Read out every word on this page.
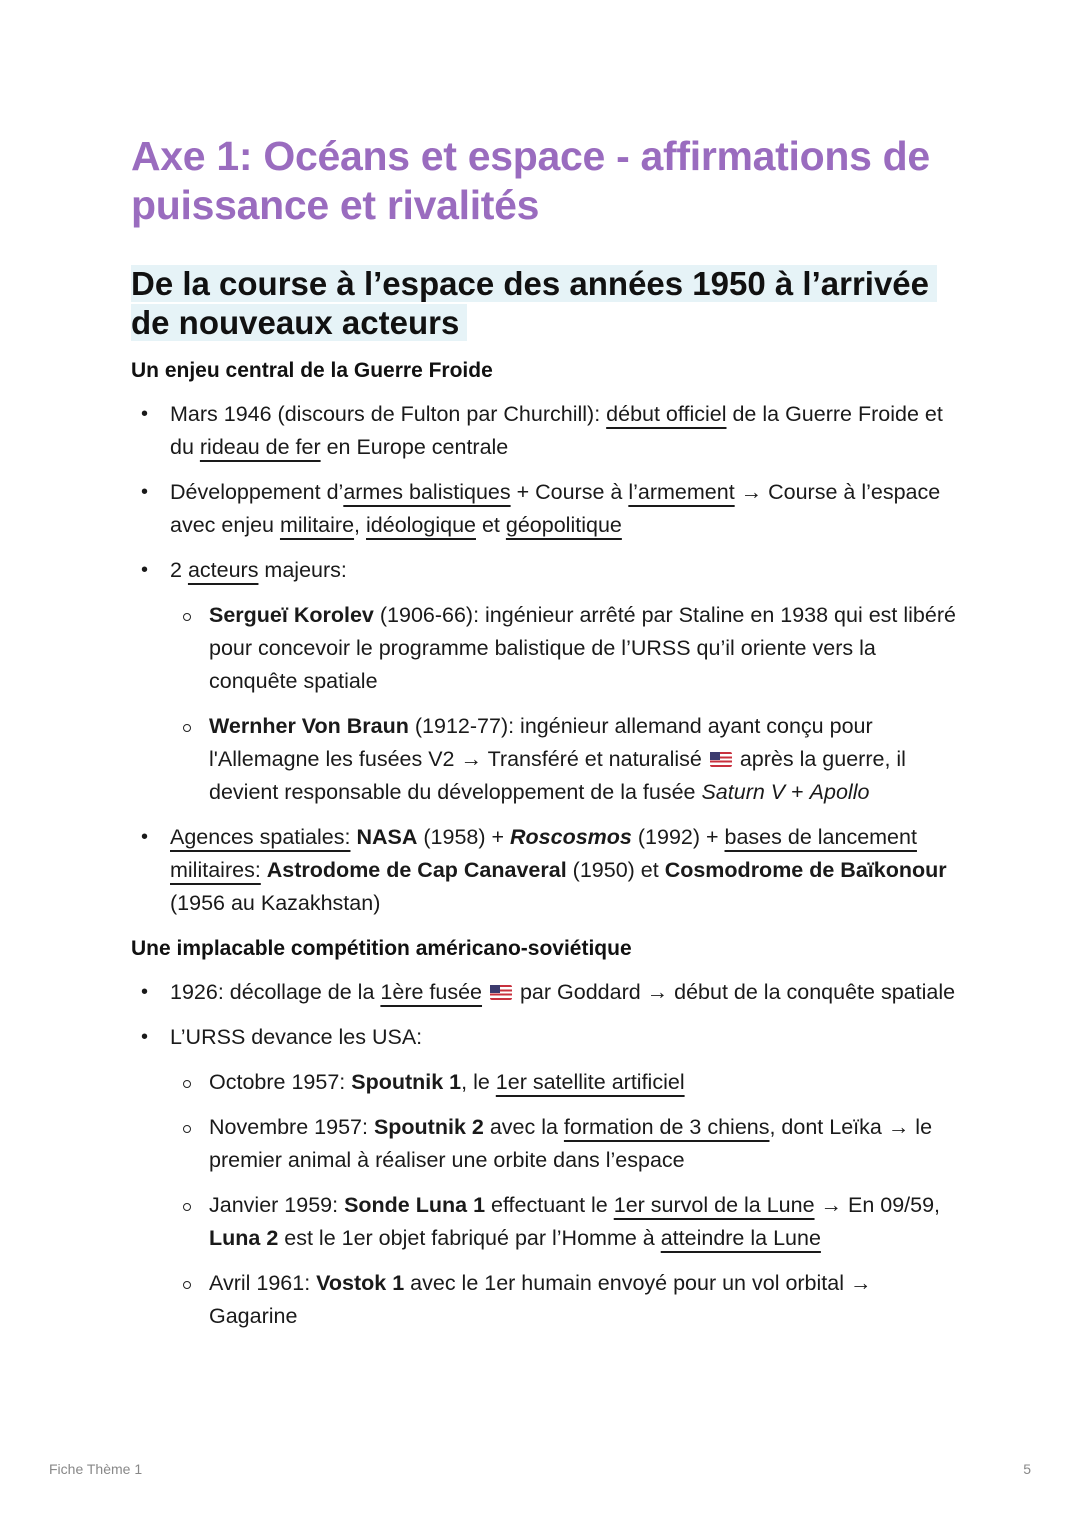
Axe 1: Océans et espace - affirmations de puissance et rivalités
De la course à l’espace des années 1950 à l’arrivée de nouveaux acteurs
Un enjeu central de la Guerre Froide
• Mars 1946 (discours de Fulton par Churchill): début officiel de la Guerre Froide et du rideau de fer en Europe centrale
• Développement d’armes balistiques + Course à l’armement → Course à l’espace avec enjeu militaire, idéologique et géopolitique
• 2 acteurs majeurs:
Sergueï Korolev (1906-66): ingénieur arrêté par Staline en 1938 qui est libéré pour concevoir le programme balistique de l’URSS qu’il oriente vers la conquête spatiale
Wernher Von Braun (1912-77): ingénieur allemand ayant conçu pour l'Allemagne les fusées V2 → Transféré et naturalisé  après la guerre, il devient responsable du développement de la fusée Saturn V + Apollo
• Agences spatiales: NASA (1958) + Roscosmos (1992) + bases de lancement militaires: Astrodome de Cap Canaveral (1950) et Cosmodrome de Baïkonour (1956 au Kazakhstan)
Une implacable compétition américano-soviétique
• 1926: décollage de la 1ère fusée  par Goddard → début de la conquête spatiale
• L’URSS devance les USA:
Octobre 1957: Spoutnik 1, le 1er satellite artificiel
Novembre 1957: Spoutnik 2 avec la formation de 3 chiens, dont Leïka → le premier animal à réaliser une orbite dans l’espace
Janvier 1959: Sonde Luna 1 effectuant le 1er survol de la Lune → En 09/59, Luna 2 est le 1er objet fabriqué par l’Homme à atteindre la Lune
Avril 1961: Vostok 1 avec le 1er humain envoyé pour un vol orbital → Gagarine
Fiche Thème 1	5
